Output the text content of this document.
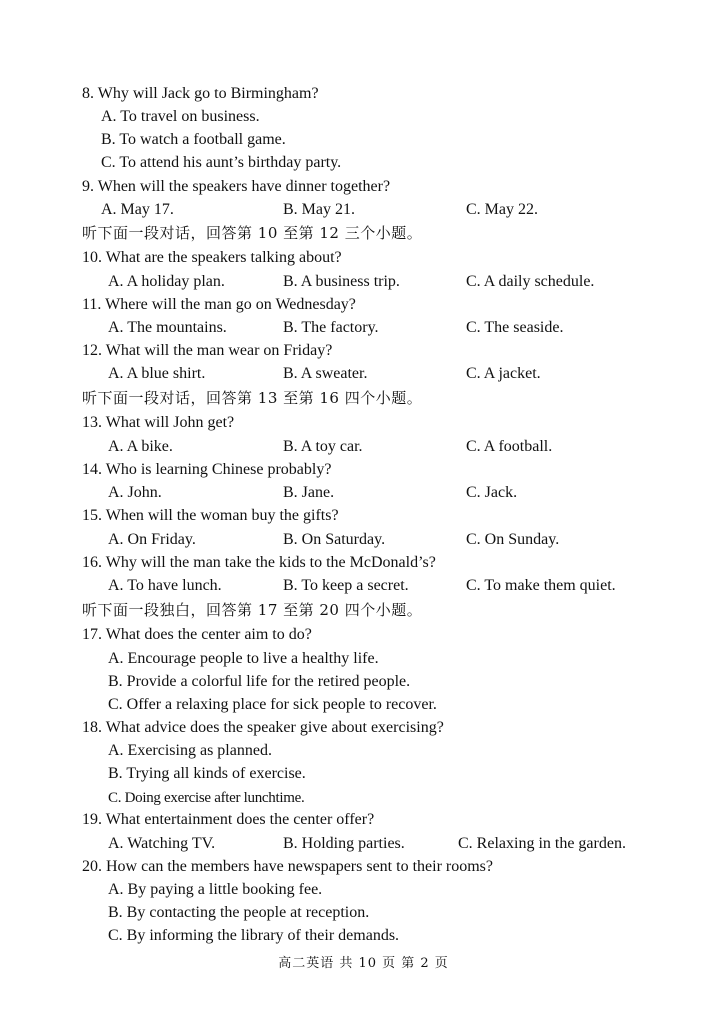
8. Why will Jack go to Birmingham?
A. To travel on business.
B. To watch a football game.
C. To attend his aunt’s birthday party.
9. When will the speakers have dinner together?
A. May 17.	B. May 21.	C. May 22.
听下面一段对话，回答第 10 至第 12 三个小题。
10. What are the speakers talking about?
A. A holiday plan.	B. A business trip.	C. A daily schedule.
11. Where will the man go on Wednesday?
A. The mountains.	B. The factory.	C. The seaside.
12. What will the man wear on Friday?
A. A blue shirt.	B. A sweater.	C. A jacket.
听下面一段对话，回答第 13 至第 16 四个小题。
13. What will John get?
A. A bike.	B. A toy car.	C. A football.
14. Who is learning Chinese probably?
A. John.	B. Jane.	C. Jack.
15. When will the woman buy the gifts?
A. On Friday.	B. On Saturday.	C. On Sunday.
16. Why will the man take the kids to the McDonald’s?
A. To have lunch.	B. To keep a secret.	C. To make them quiet.
听下面一段独白，回答第 17 至第 20 四个小题。
17. What does the center aim to do?
A. Encourage people to live a healthy life.
B. Provide a colorful life for the retired people.
C. Offer a relaxing place for sick people to recover.
18. What advice does the speaker give about exercising?
A. Exercising as planned.
B. Trying all kinds of exercise.
C. Doing exercise after lunchtime.
19. What entertainment does the center offer?
A. Watching TV.	B. Holding parties.	C. Relaxing in the garden.
20. How can the members have newspapers sent to their rooms?
A. By paying a little booking fee.
B. By contacting the people at reception.
C. By informing the library of their demands.
高二英语 共 10 页 第 2 页
